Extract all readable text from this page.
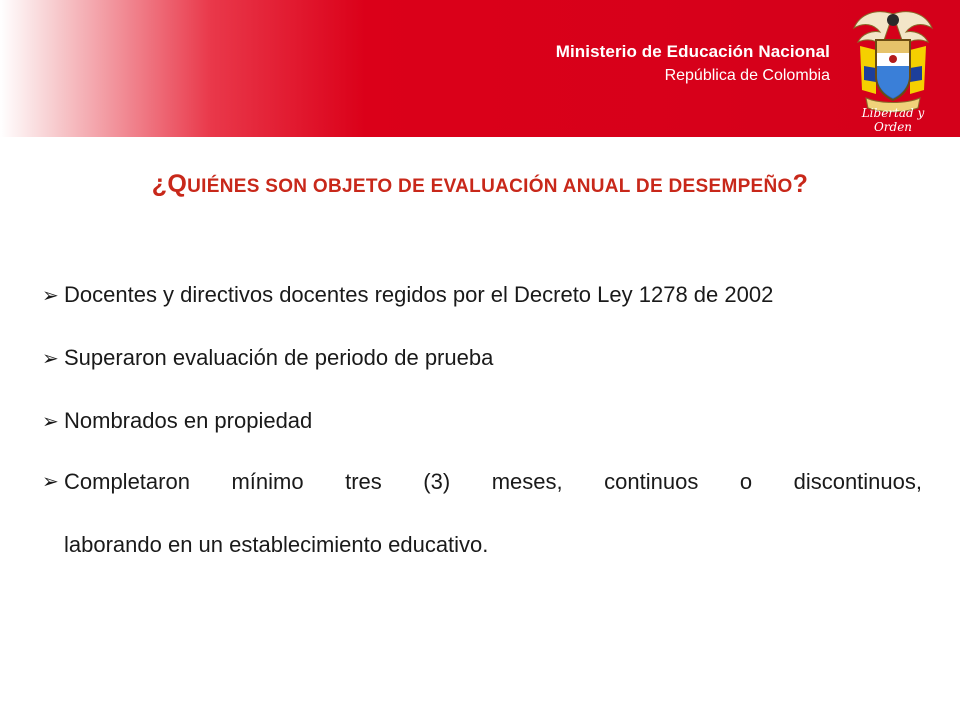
Ministerio de Educación Nacional
República de Colombia
Libertad y Orden
¿QUIÉNES SON OBJETO DE EVALUACIÓN ANUAL DE DESEMPEÑO?
➢ Docentes y directivos docentes regidos por el Decreto Ley 1278 de 2002
➢ Superaron evaluación de periodo de prueba
➢ Nombrados en propiedad
➢ Completaron mínimo tres (3) meses, continuos o discontinuos,
laborando en un establecimiento educativo.
